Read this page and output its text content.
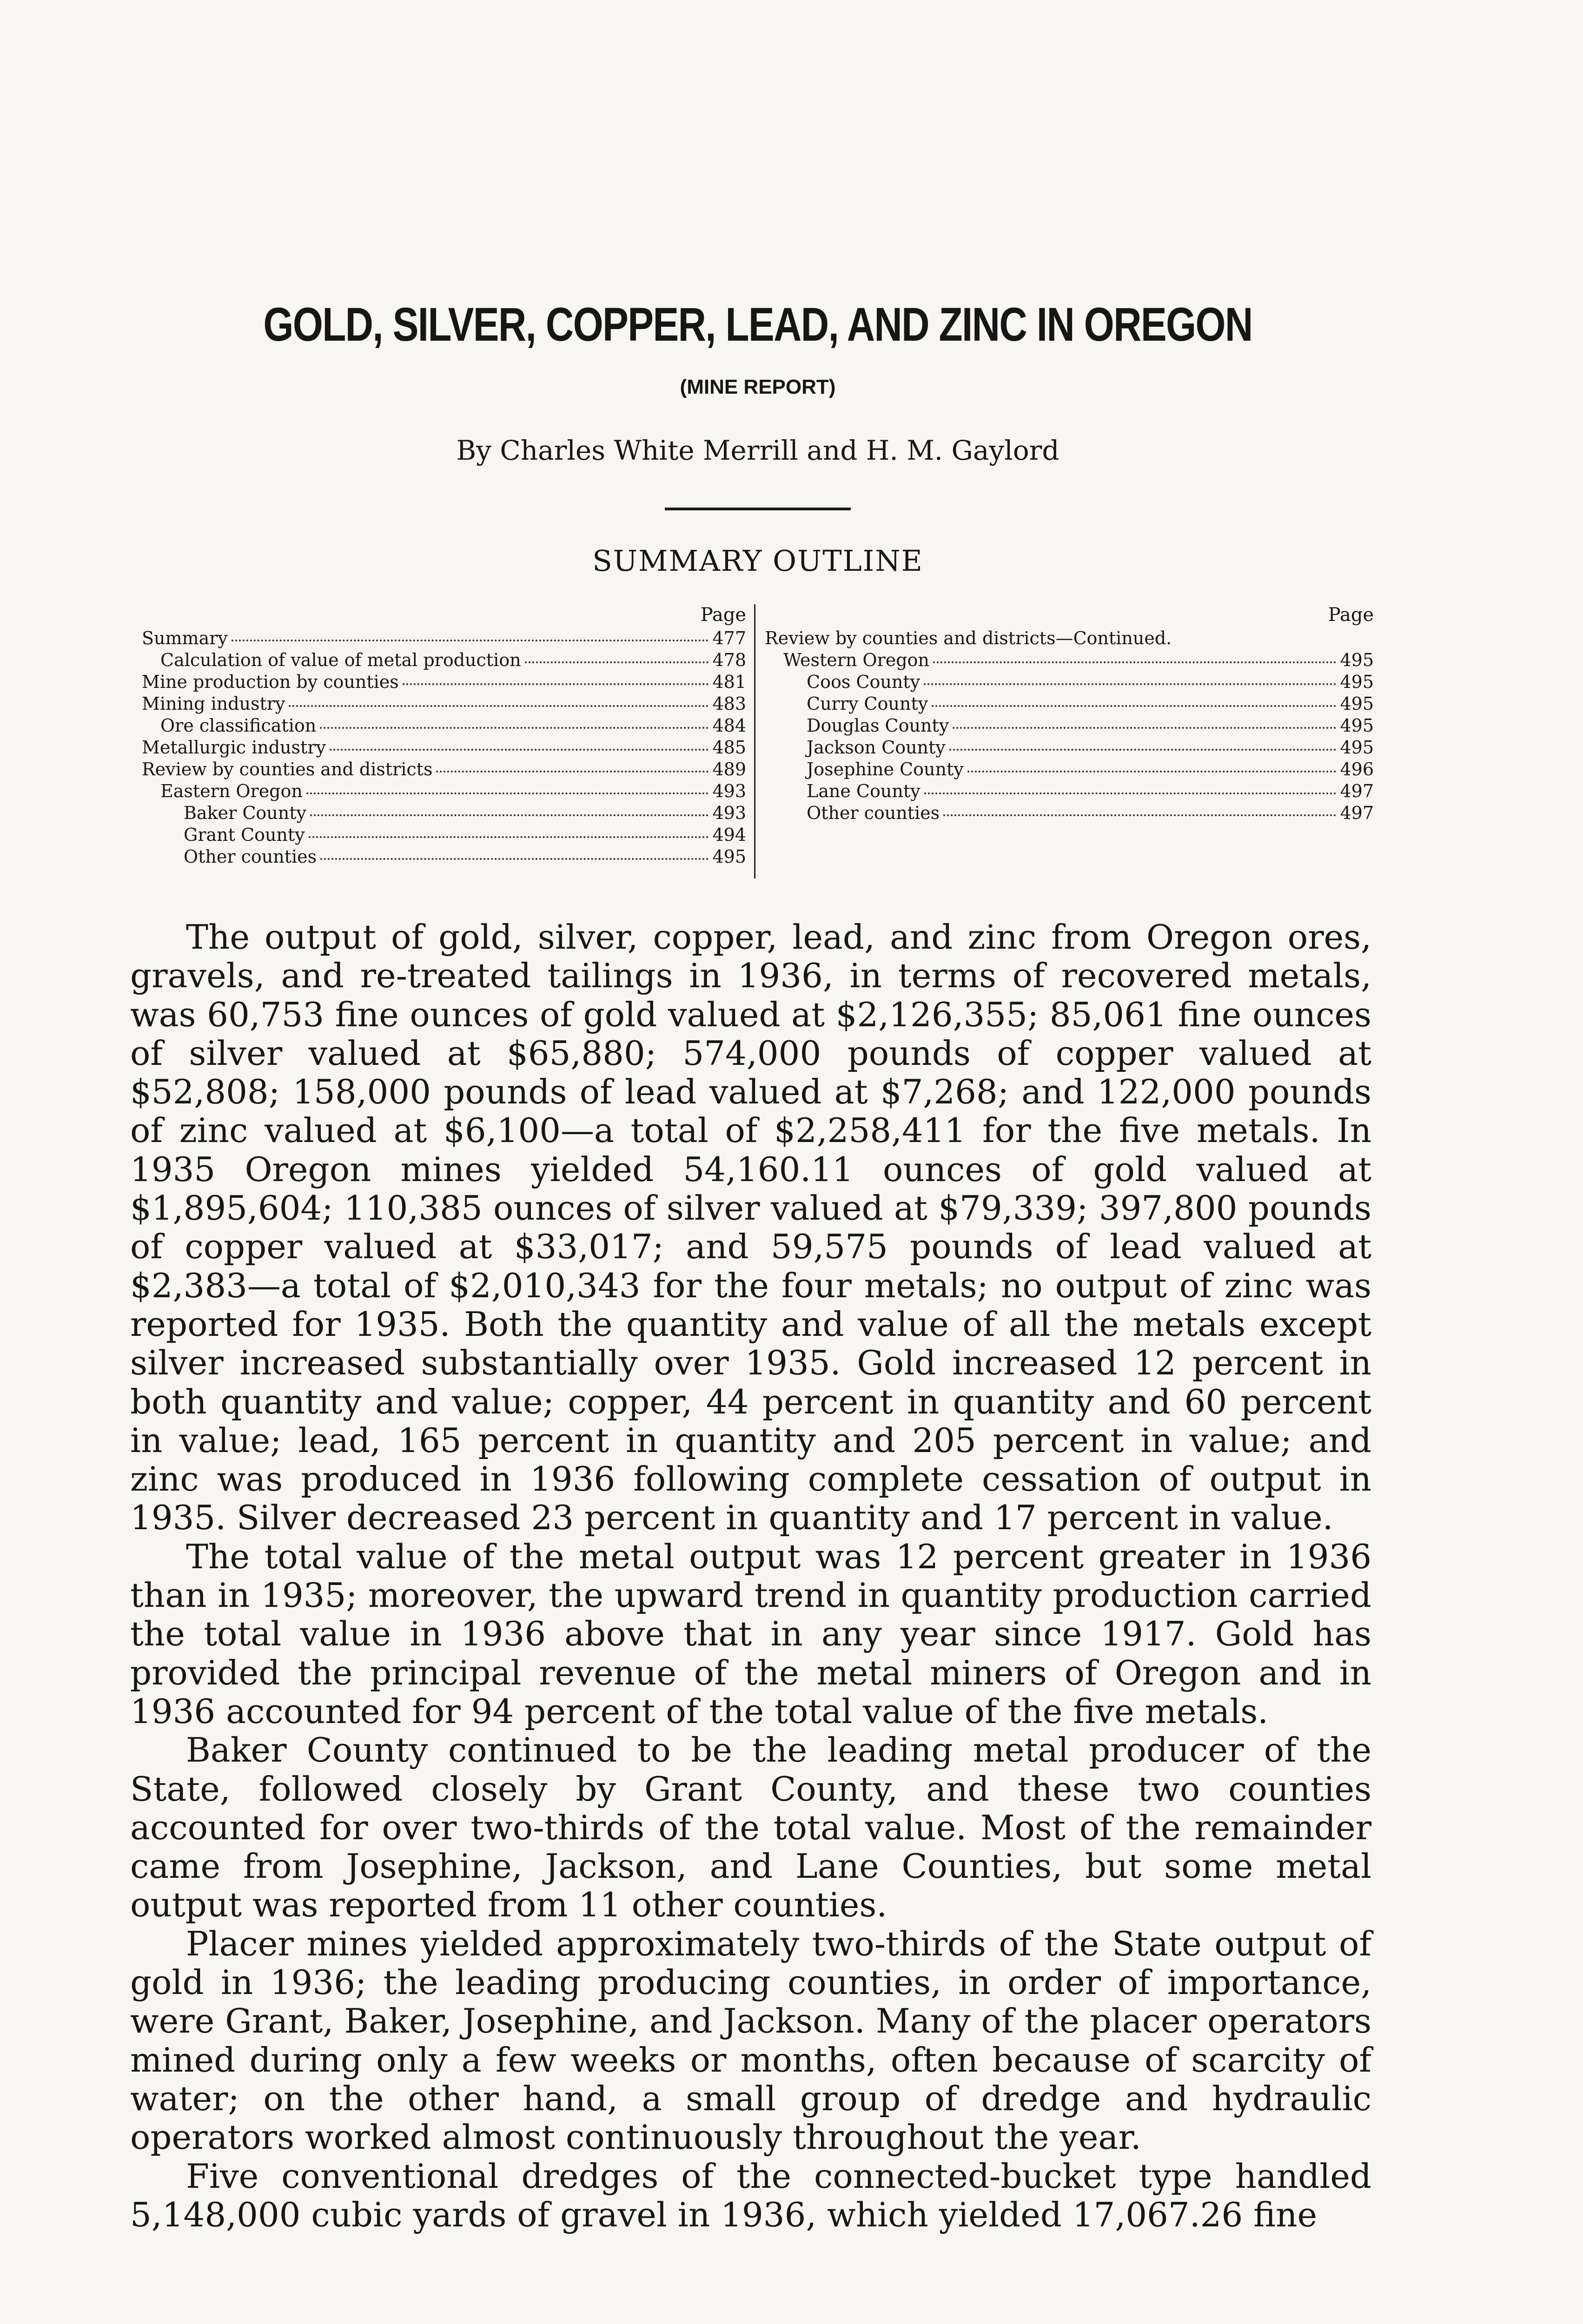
GOLD, SILVER, COPPER, LEAD, AND ZINC IN OREGON
(MINE REPORT)
By Charles White Merrill and H. M. Gaylord
SUMMARY OUTLINE
Page
Summary	477
Calculation of value of metal production	478
Mine production by counties	481
Mining industry	483
Ore classification	484
Metallurgic industry	485
Review by counties and districts	489
Eastern Oregon	493
Baker County	493
Grant County	494
Other counties	495
Page
Review by counties and districts—Continued.
Western Oregon	495
Coos County	495
Curry County	495
Douglas County	495
Jackson County	495
Josephine County	496
Lane County	497
Other counties	497

The output of gold, silver, copper, lead, and zinc from Oregon ores, gravels, and re-treated tailings in 1936, in terms of recovered metals, was 60,753 fine ounces of gold valued at $2,126,355; 85,061 fine ounces of silver valued at $65,880; 574,000 pounds of copper valued at $52,808; 158,000 pounds of lead valued at $7,268; and 122,000 pounds of zinc valued at $6,100—a total of $2,258,411 for the five metals. In 1935 Oregon mines yielded 54,160.11 ounces of gold valued at $1,895,604; 110,385 ounces of silver valued at $79,339; 397,800 pounds of copper valued at $33,017; and 59,575 pounds of lead valued at $2,383—a total of $2,010,343 for the four metals; no output of zinc was reported for 1935. Both the quantity and value of all the metals except silver increased substantially over 1935. Gold increased 12 percent in both quantity and value; copper, 44 percent in quantity and 60 percent in value; lead, 165 percent in quantity and 205 percent in value; and zinc was produced in 1936 following complete cessation of output in 1935. Silver decreased 23 percent in quantity and 17 percent in value.

The total value of the metal output was 12 percent greater in 1936 than in 1935; moreover, the upward trend in quantity production carried the total value in 1936 above that in any year since 1917. Gold has provided the principal revenue of the metal miners of Oregon and in 1936 accounted for 94 percent of the total value of the five metals.

Baker County continued to be the leading metal producer of the State, followed closely by Grant County, and these two counties accounted for over two-thirds of the total value. Most of the remainder came from Josephine, Jackson, and Lane Counties, but some metal output was reported from 11 other counties.

Placer mines yielded approximately two-thirds of the State output of gold in 1936; the leading producing counties, in order of importance, were Grant, Baker, Josephine, and Jackson. Many of the placer operators mined during only a few weeks or months, often because of scarcity of water; on the other hand, a small group of dredge and hydraulic operators worked almost continuously throughout the year.

Five conventional dredges of the connected-bucket type handled 5,148,000 cubic yards of gravel in 1936, which yielded 17,067.26 fine
